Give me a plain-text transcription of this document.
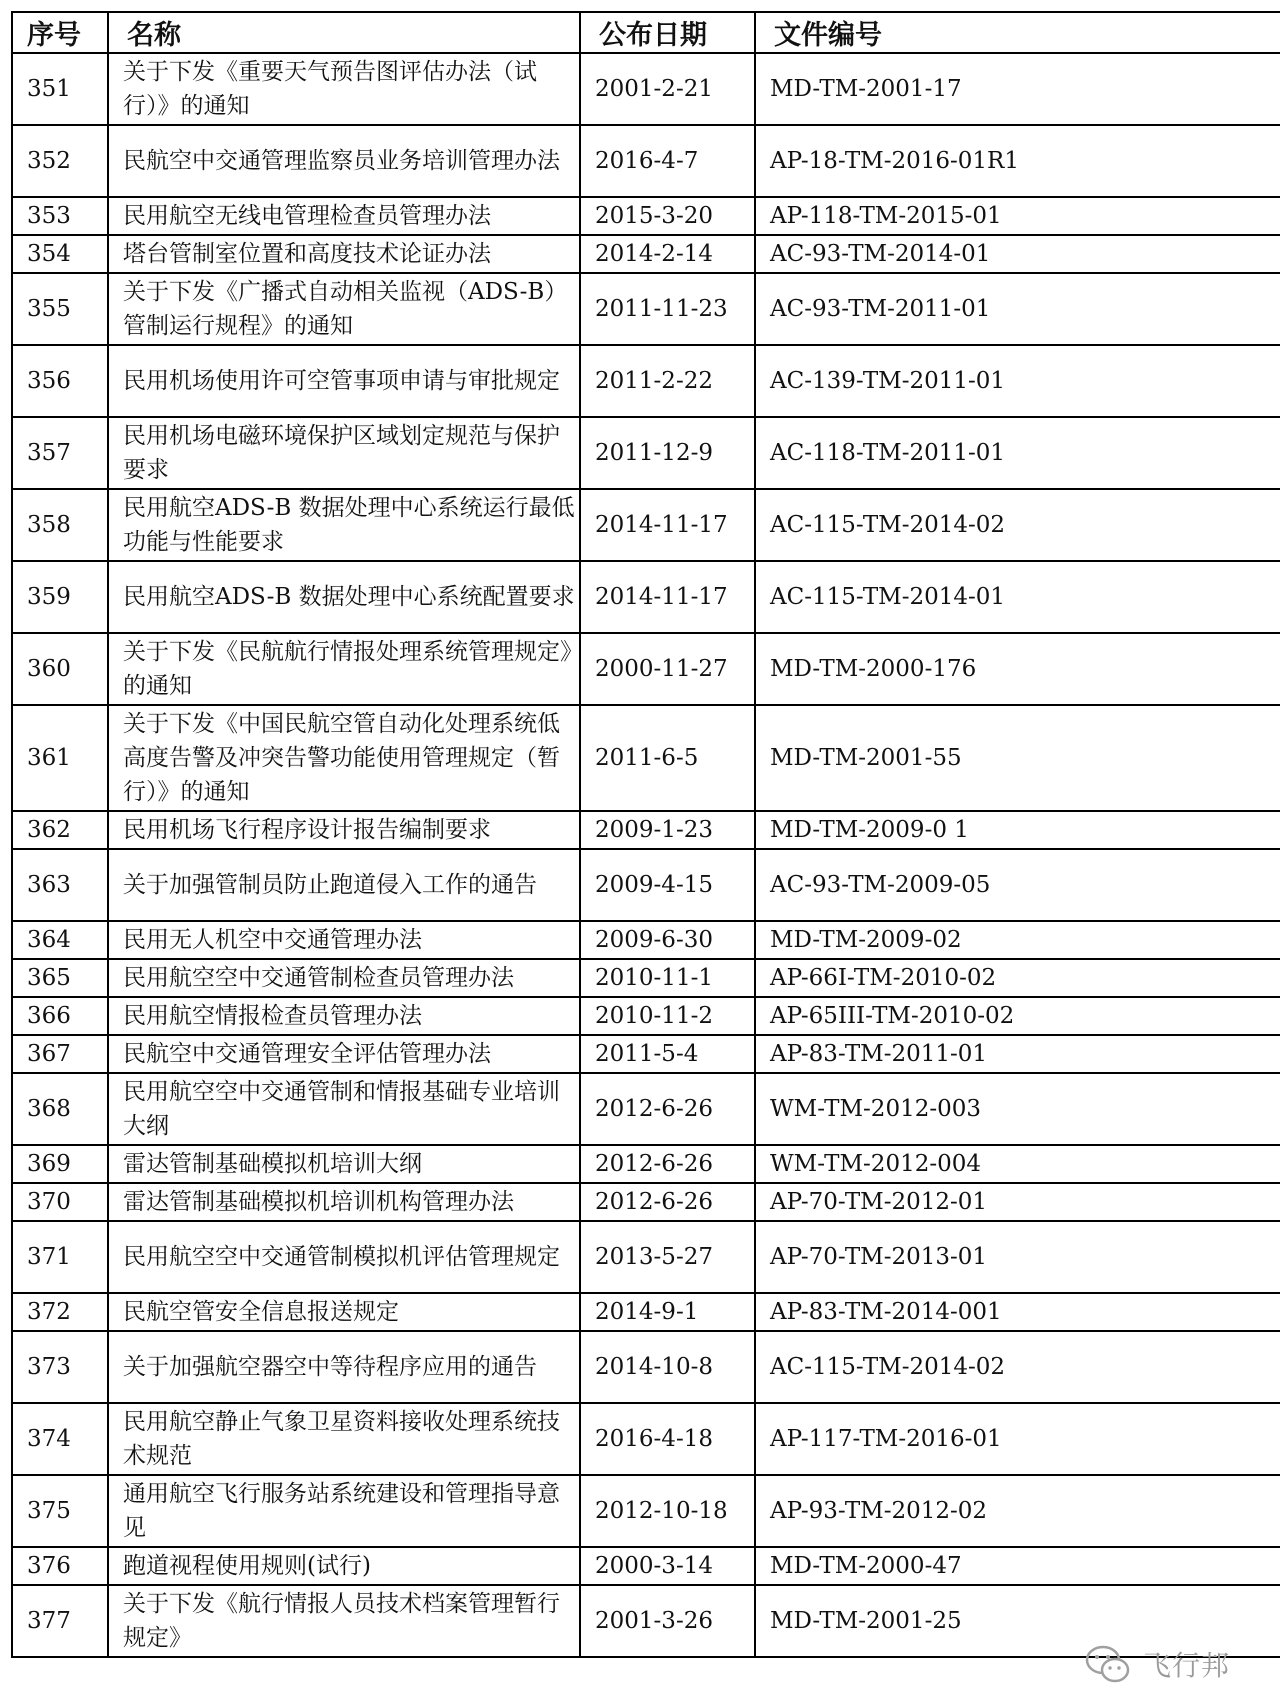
序号	名称	公布日期	文件编号
351	关于下发《重要天气预告图评估办法（试行）》的通知	2001-2-21	MD-TM-2001-17
352	民航空中交通管理监察员业务培训管理办法	2016-4-7	AP-18-TM-2016-01R1
353	民用航空无线电管理检查员管理办法	2015-3-20	AP-118-TM-2015-01
354	塔台管制室位置和高度技术论证办法	2014-2-14	AC-93-TM-2014-01
355	关于下发《广播式自动相关监视（ADS-B）管制运行规程》的通知	2011-11-23	AC-93-TM-2011-01
356	民用机场使用许可空管事项申请与审批规定	2011-2-22	AC-139-TM-2011-01
357	民用机场电磁环境保护区域划定规范与保护要求	2011-12-9	AC-118-TM-2011-01
358	民用航空ADS-B 数据处理中心系统运行最低功能与性能要求	2014-11-17	AC-115-TM-2014-02
359	民用航空ADS-B 数据处理中心系统配置要求	2014-11-17	AC-115-TM-2014-01
360	关于下发《民航航行情报处理系统管理规定》的通知	2000-11-27	MD-TM-2000-176
361	关于下发《中国民航空管自动化处理系统低高度告警及冲突告警功能使用管理规定（暂行）》的通知	2011-6-5	MD-TM-2001-55
362	民用机场飞行程序设计报告编制要求	2009-1-23	MD-TM-2009-0 1
363	关于加强管制员防止跑道侵入工作的通告	2009-4-15	AC-93-TM-2009-05
364	民用无人机空中交通管理办法	2009-6-30	MD-TM-2009-02
365	民用航空空中交通管制检查员管理办法	2010-11-1	AP-66I-TM-2010-02
366	民用航空情报检查员管理办法	2010-11-2	AP-65III-TM-2010-02
367	民航空中交通管理安全评估管理办法	2011-5-4	AP-83-TM-2011-01
368	民用航空空中交通管制和情报基础专业培训大纲	2012-6-26	WM-TM-2012-003
369	雷达管制基础模拟机培训大纲	2012-6-26	WM-TM-2012-004
370	雷达管制基础模拟机培训机构管理办法	2012-6-26	AP-70-TM-2012-01
371	民用航空空中交通管制模拟机评估管理规定	2013-5-27	AP-70-TM-2013-01
372	民航空管安全信息报送规定	2014-9-1	AP-83-TM-2014-001
373	关于加强航空器空中等待程序应用的通告	2014-10-8	AC-115-TM-2014-02
374	民用航空静止气象卫星资料接收处理系统技术规范	2016-4-18	AP-117-TM-2016-01
375	通用航空飞行服务站系统建设和管理指导意见	2012-10-18	AP-93-TM-2012-02
376	跑道视程使用规则(试行)	2000-3-14	MD-TM-2000-47
377	关于下发《航行情报人员技术档案管理暂行规定》	2001-3-26	MD-TM-2001-25
飞行邦
